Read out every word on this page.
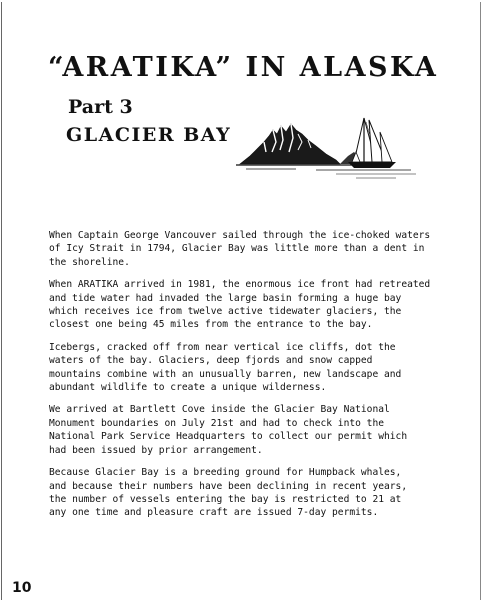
“ARATIKA” IN ALASKA
Part 3
GLACIER BAY

When Captain George Vancouver sailed through the ice-choked waters
of Icy Strait in 1794, Glacier Bay was little more than a dent in
the shoreline.

When ARATIKA arrived in 1981, the enormous ice front had retreated
and tide water had invaded the large basin forming a huge bay
which receives ice from twelve active tidewater glaciers, the
closest one being 45 miles from the entrance to the bay.

Icebergs, cracked off from near vertical ice cliffs, dot the
waters of the bay. Glaciers, deep fjords and snow capped
mountains combine with an unusually barren, new landscape and
abundant wildlife to create a unique wilderness.

We arrived at Bartlett Cove inside the Glacier Bay National
Monument boundaries on July 21st and had to check into the
National Park Service Headquarters to collect our permit which
had been issued by prior arrangement.

Because Glacier Bay is a breeding ground for Humpback whales,
and because their numbers have been declining in recent years,
the number of vessels entering the bay is restricted to 21 at
any one time and pleasure craft are issued 7-day permits.

10
